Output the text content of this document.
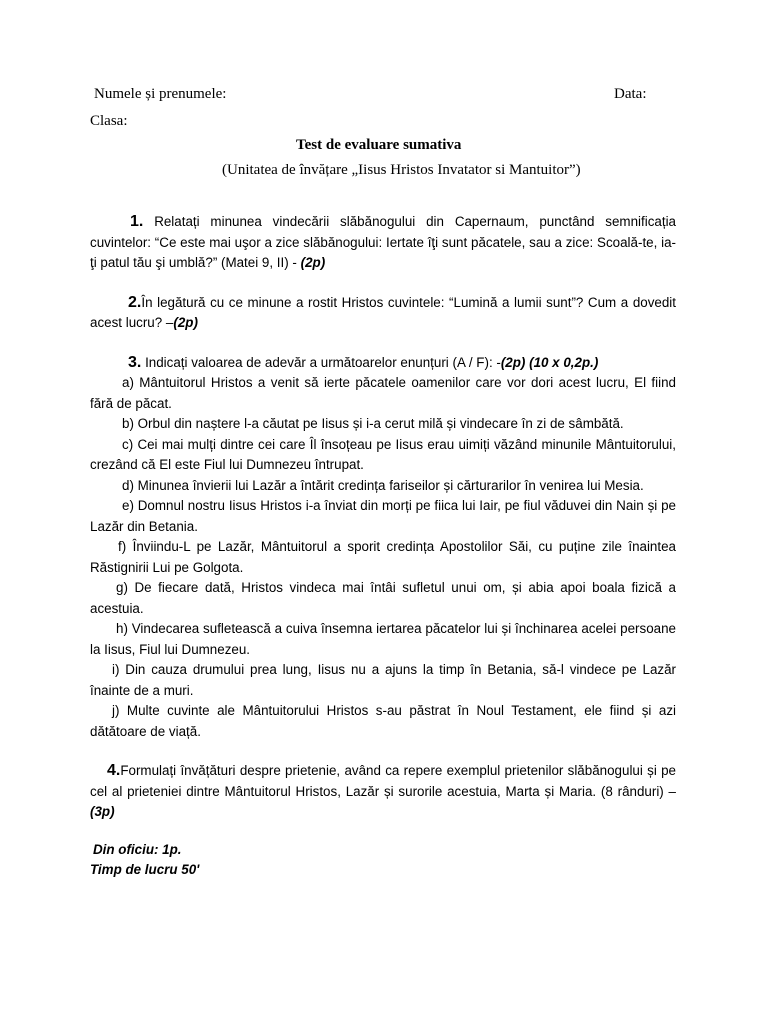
Numele și prenumele:	Data:
Clasa:
Test de evaluare sumativa
(Unitatea de învățare „Iisus Hristos Invatator si Mantuitor”)

1. Relatați minunea vindecării slăbănogului din Capernaum, punctând semnificația cuvintelor: “Ce este mai uşor a zice slăbănogului: Iertate îţi sunt păcatele, sau a zice: Scoală-te, ia-ţi patul tău şi umblă?” (Matei 9, II) - (2p)

2.În legătură cu ce minune a rostit Hristos cuvintele: “Lumină a lumii sunt”? Cum a dovedit acest lucru? –(2p)

3. Indicați valoarea de adevăr a următoarelor enunțuri (A / F): -(2p) (10 x 0,2p.)

a) Mântuitorul Hristos a venit să ierte păcatele oamenilor care vor dori acest lucru, El fiind fără de păcat.

b) Orbul din naștere l-a căutat pe Iisus și i-a cerut milă și vindecare în zi de sâmbătă.

c) Cei mai mulți dintre cei care Îl însoțeau pe Iisus erau uimiți văzând minunile Mântuitorului, crezând că El este Fiul lui Dumnezeu întrupat.

d) Minunea învierii lui Lazăr a întărit credința fariseilor și cărturarilor în venirea lui Mesia.

e) Domnul nostru Iisus Hristos i-a înviat din morți pe fiica lui Iair, pe fiul văduvei din Nain și pe Lazăr din Betania.

f) Înviindu-L pe Lazăr, Mântuitorul a sporit credința Apostolilor Săi, cu puține zile înaintea Răstignirii Lui pe Golgota.

g) De fiecare dată, Hristos vindeca mai întâi sufletul unui om, și abia apoi boala fizică a acestuia.

h) Vindecarea sufletească a cuiva însemna iertarea păcatelor lui și închinarea acelei persoane la Iisus, Fiul lui Dumnezeu.

i) Din cauza drumului prea lung, Iisus nu a ajuns la timp în Betania, să-l vindece pe Lazăr înainte de a muri.

j) Multe cuvinte ale Mântuitorului Hristos s-au păstrat în Noul Testament, ele fiind și azi dătătoare de viață.

4.Formulați învățături despre prietenie, având ca repere exemplul prietenilor slăbănogului și pe cel al prieteniei dintre Mântuitorul Hristos, Lazăr și surorile acestuia, Marta și Maria. (8 rânduri) –(3p)

Din oficiu: 1p.
Timp de lucru 50'
